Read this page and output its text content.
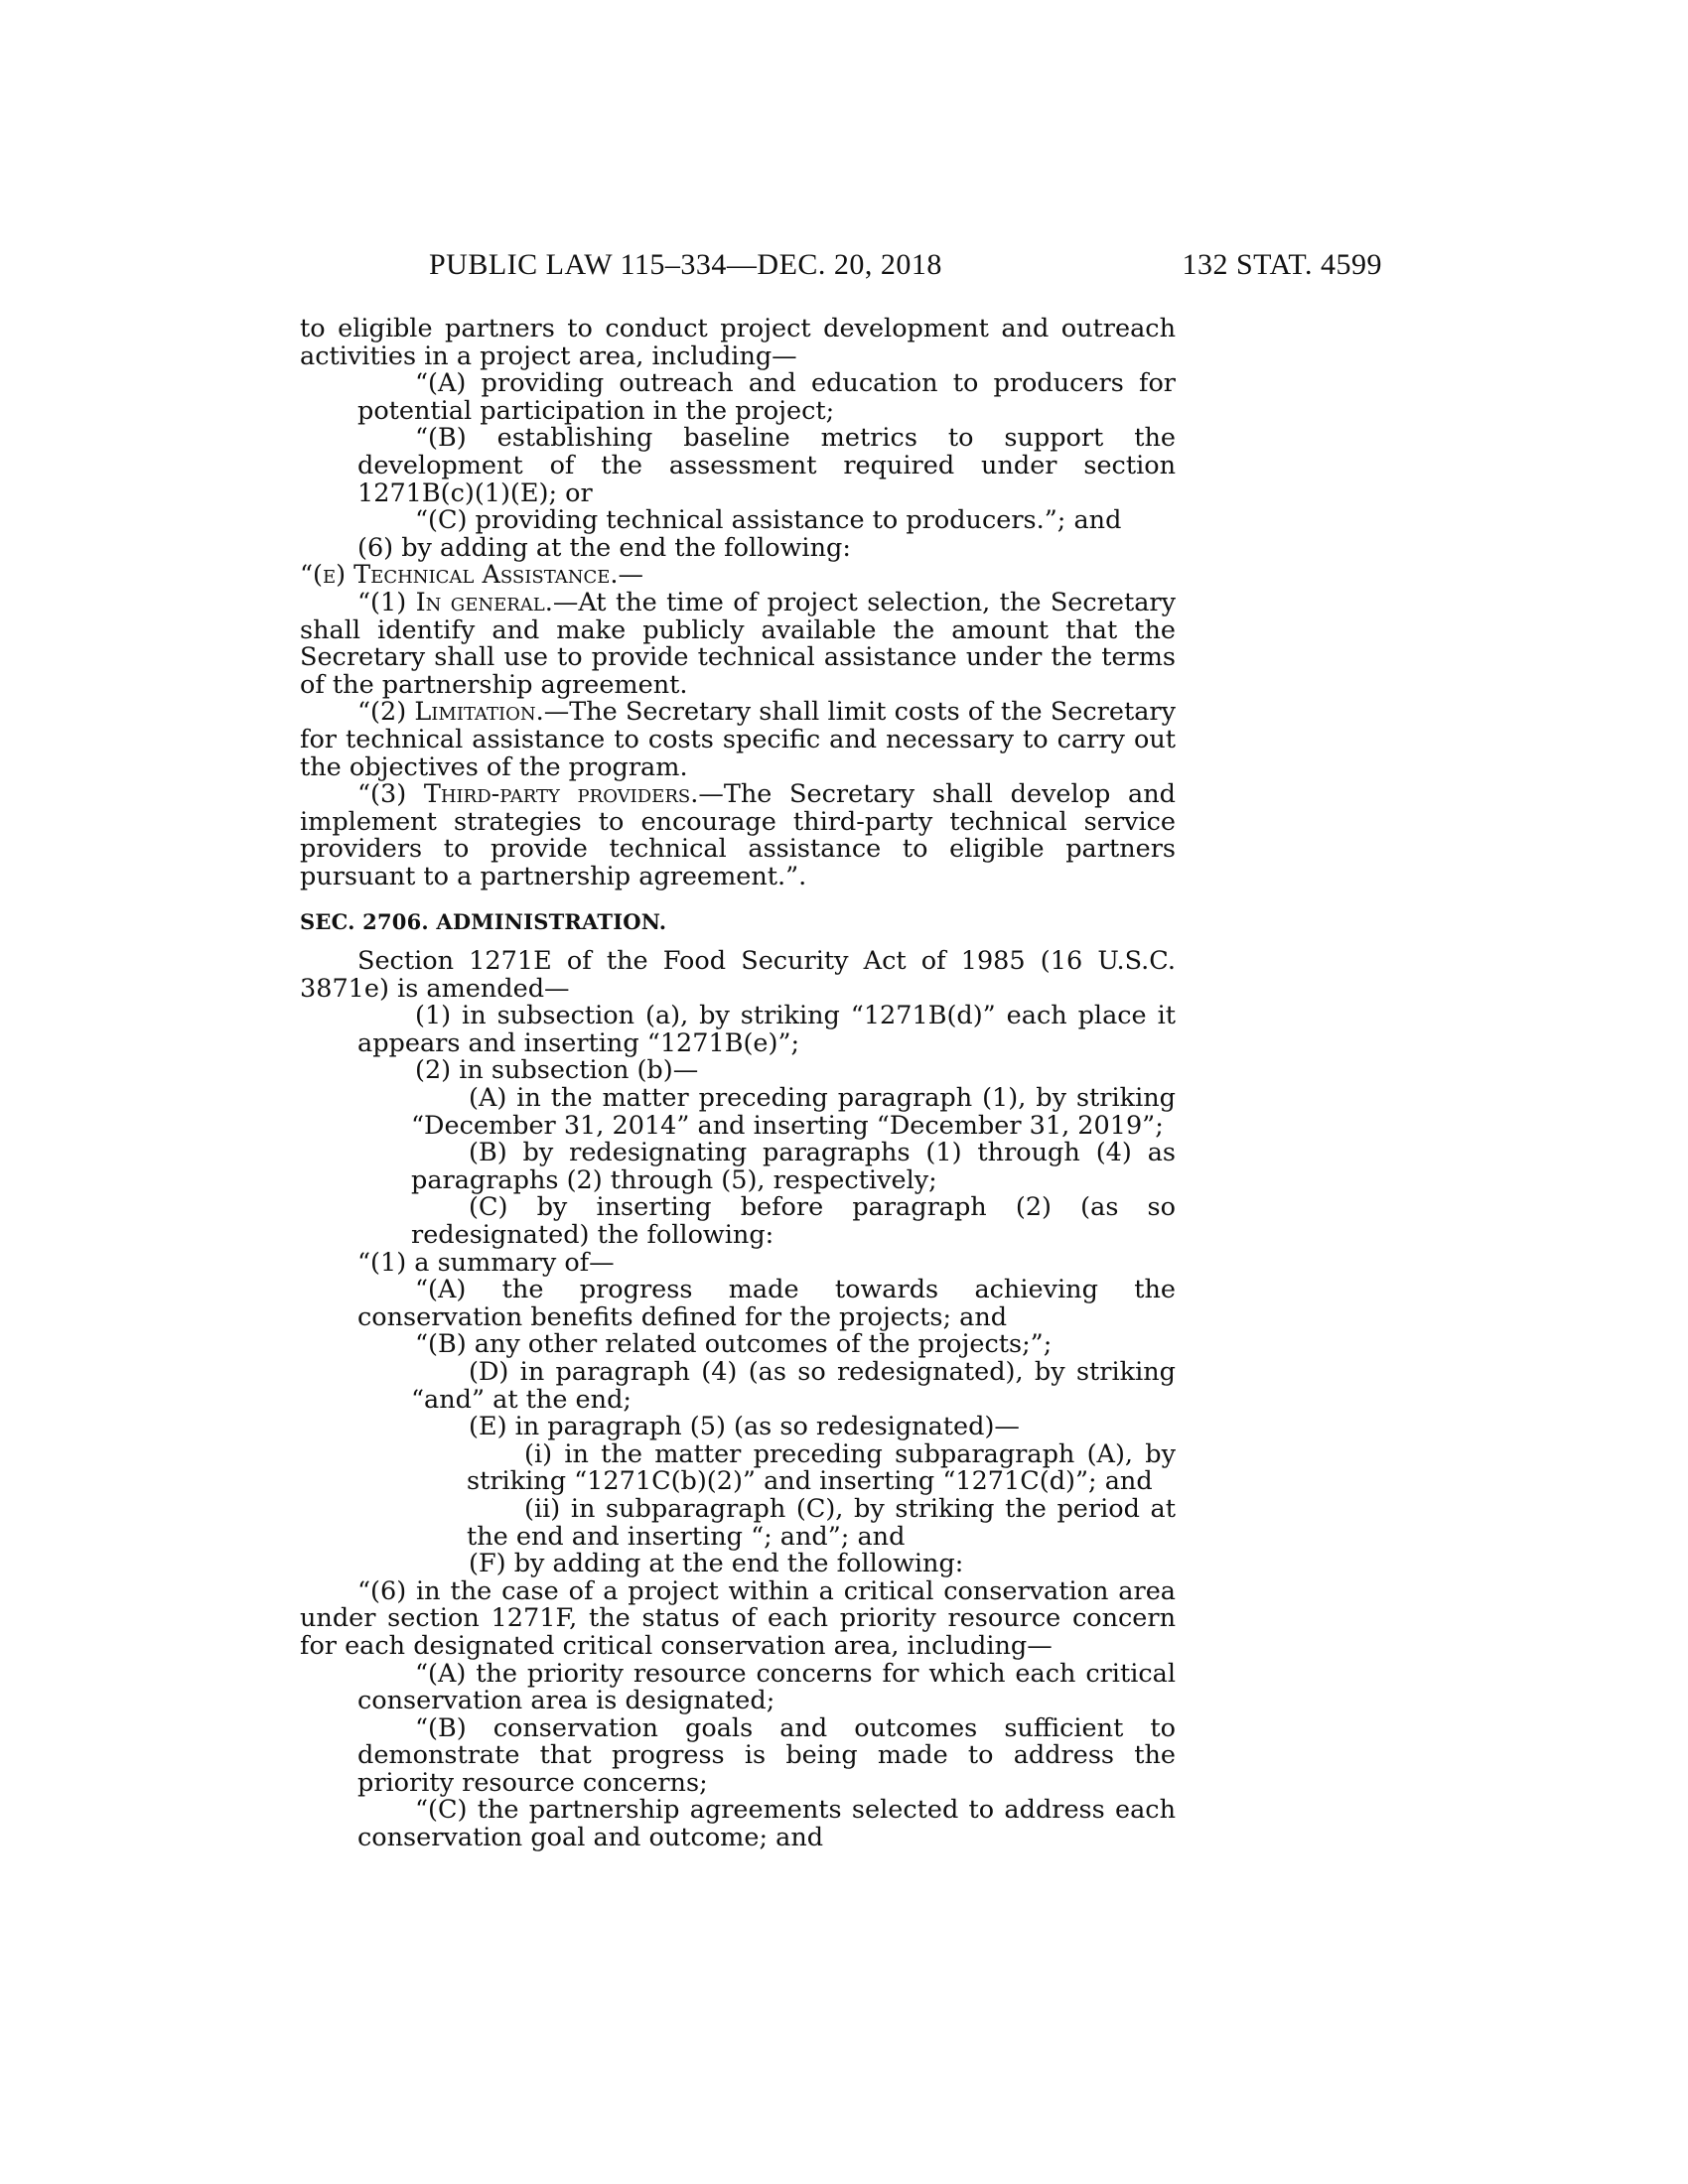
PUBLIC LAW 115–334—DEC. 20, 2018	132 STAT. 4599

to eligible partners to conduct project development and outreach activities in a project area, including—

“(A) providing outreach and education to producers for potential participation in the project;

“(B) establishing baseline metrics to support the development of the assessment required under section 1271B(c)(1)(E); or

“(C) providing technical assistance to producers.”; and

(6) by adding at the end the following:

“(e) Technical Assistance.—

“(1) In general.—At the time of project selection, the Secretary shall identify and make publicly available the amount that the Secretary shall use to provide technical assistance under the terms of the partnership agreement.

“(2) Limitation.—The Secretary shall limit costs of the Secretary for technical assistance to costs specific and necessary to carry out the objectives of the program.

“(3) Third-party providers.—The Secretary shall develop and implement strategies to encourage third-party technical service providers to provide technical assistance to eligible partners pursuant to a partnership agreement.”.

SEC. 2706. ADMINISTRATION.

Section 1271E of the Food Security Act of 1985 (16 U.S.C. 3871e) is amended—

(1) in subsection (a), by striking “1271B(d)” each place it appears and inserting “1271B(e)”;

(2) in subsection (b)—

(A) in the matter preceding paragraph (1), by striking “December 31, 2014” and inserting “December 31, 2019”;

(B) by redesignating paragraphs (1) through (4) as paragraphs (2) through (5), respectively;

(C) by inserting before paragraph (2) (as so redesignated) the following:

“(1) a summary of—

“(A) the progress made towards achieving the conservation benefits defined for the projects; and

“(B) any other related outcomes of the projects;”;

(D) in paragraph (4) (as so redesignated), by striking “and” at the end;

(E) in paragraph (5) (as so redesignated)—

(i) in the matter preceding subparagraph (A), by striking “1271C(b)(2)” and inserting “1271C(d)”; and

(ii) in subparagraph (C), by striking the period at the end and inserting “; and”; and

(F) by adding at the end the following:

“(6) in the case of a project within a critical conservation area under section 1271F, the status of each priority resource concern for each designated critical conservation area, including—

“(A) the priority resource concerns for which each critical conservation area is designated;

“(B) conservation goals and outcomes sufficient to demonstrate that progress is being made to address the priority resource concerns;

“(C) the partnership agreements selected to address each conservation goal and outcome; and
